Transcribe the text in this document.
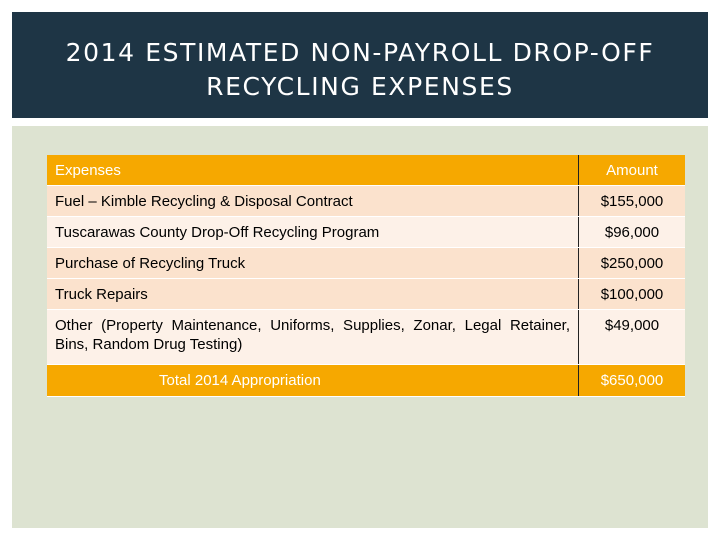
2014 ESTIMATED NON-PAYROLL DROP-OFF
RECYCLING EXPENSES
Expenses	Amount
Fuel – Kimble Recycling & Disposal Contract	$155,000
Tuscarawas County Drop-Off Recycling Program	$96,000
Purchase of Recycling Truck	$250,000
Truck Repairs	$100,000
Other (Property Maintenance, Uniforms, Supplies, Zonar, Legal Retainer, Bins, Random Drug Testing)	$49,000
Total 2014 Appropriation	$650,000
